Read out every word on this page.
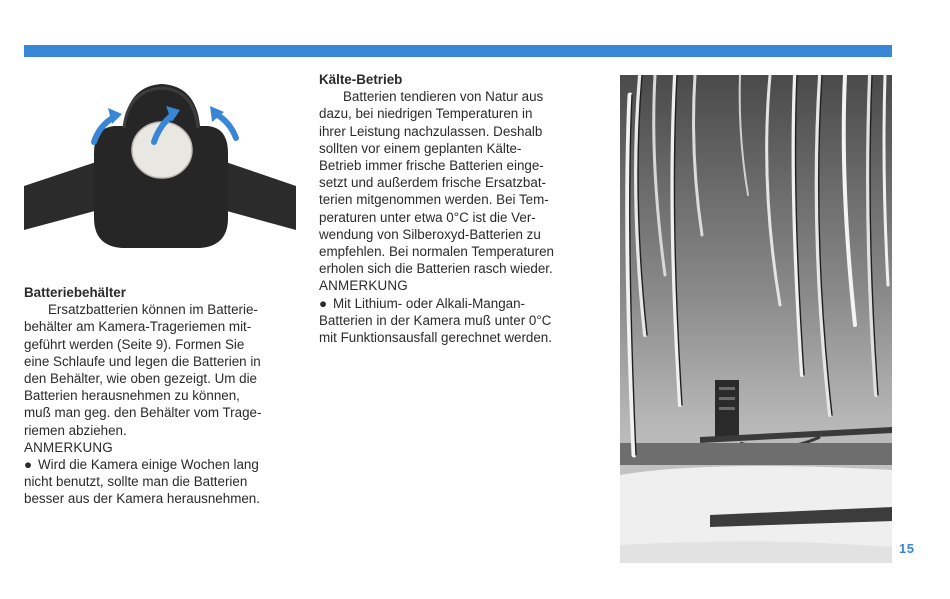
Batteriebehälter

Ersatzbatterien können im Batterie-
behälter am Kamera-Trageriemen mit-
geführt werden (Seite 9). Formen Sie
eine Schlaufe und legen die Batterien in
den Behälter, wie oben gezeigt. Um die
Batterien herausnehmen zu können,
muß man geg. den Behälter vom Trage-
riemen abziehen.

ANMERKUNG

● Wird die Kamera einige Wochen lang
nicht benutzt, sollte man die Batterien
besser aus der Kamera herausnehmen.

Kälte-Betrieb

Batterien tendieren von Natur aus
dazu, bei niedrigen Temperaturen in
ihrer Leistung nachzulassen. Deshalb
sollten vor einem geplanten Kälte-
Betrieb immer frische Batterien einge-
setzt und außerdem frische Ersatzbat-
terien mitgenommen werden. Bei Tem-
peraturen unter etwa 0°C ist die Ver-
wendung von Silberoxyd-Batterien zu
empfehlen. Bei normalen Temperaturen
erholen sich die Batterien rasch wieder.

ANMERKUNG

● Mit Lithium- oder Alkali-Mangan-
Batterien in der Kamera muß unter 0°C
mit Funktionsausfall gerechnet werden.

15
